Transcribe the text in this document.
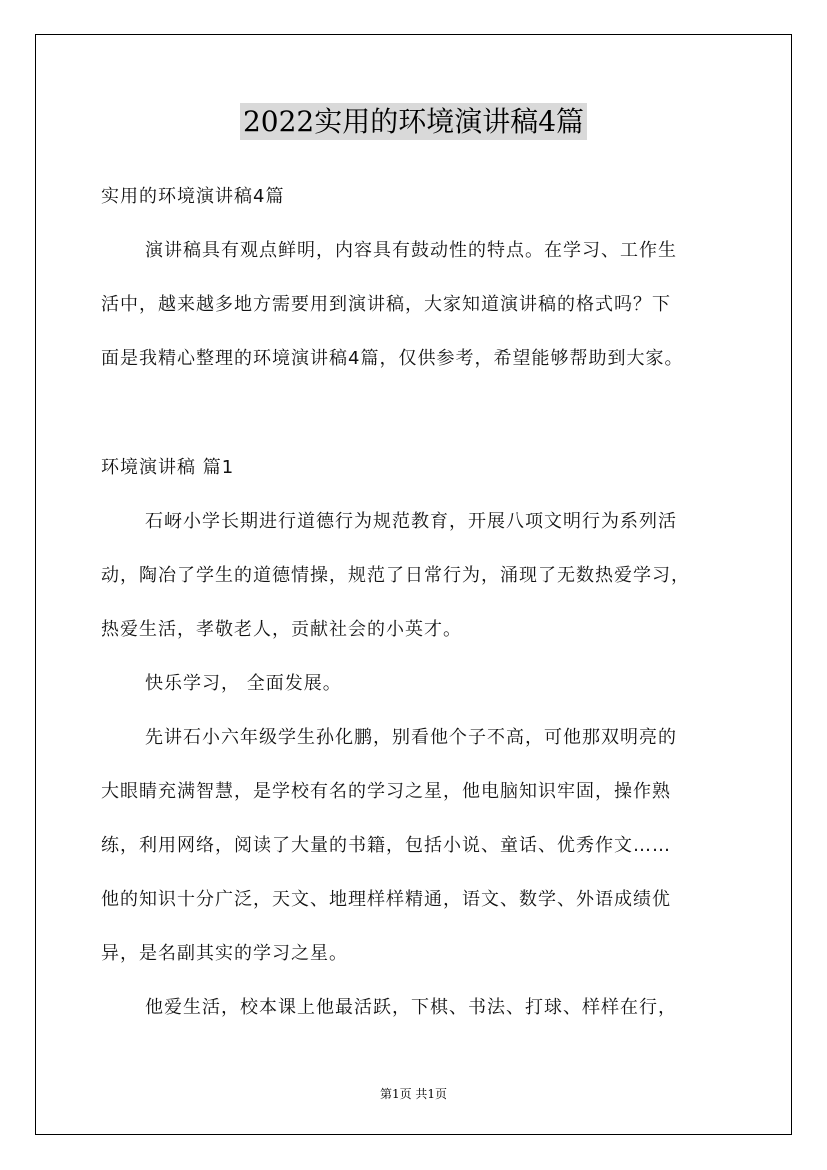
2022实用的环境演讲稿4篇
实用的环境演讲稿4篇
演讲稿具有观点鲜明，内容具有鼓动性的特点。在学习、工作生
活中，越来越多地方需要用到演讲稿，大家知道演讲稿的格式吗？下
面是我精心整理的环境演讲稿4篇，仅供参考，希望能够帮助到大家。
环境演讲稿 篇1
石岈小学长期进行道德行为规范教育，开展八项文明行为系列活
动，陶冶了学生的道德情操，规范了日常行为，涌现了无数热爱学习，
热爱生活，孝敬老人，贡献社会的小英才。
快乐学习， 全面发展。
先讲石小六年级学生孙化鹏，别看他个子不高，可他那双明亮的
大眼睛充满智慧，是学校有名的学习之星，他电脑知识牢固，操作熟
练，利用网络，阅读了大量的书籍，包括小说、童话、优秀作文……
他的知识十分广泛，天文、地理样样精通，语文、数学、外语成绩优
异，是名副其实的学习之星。
他爱生活，校本课上他最活跃，下棋、书法、打球、样样在行，
第1页 共1页
